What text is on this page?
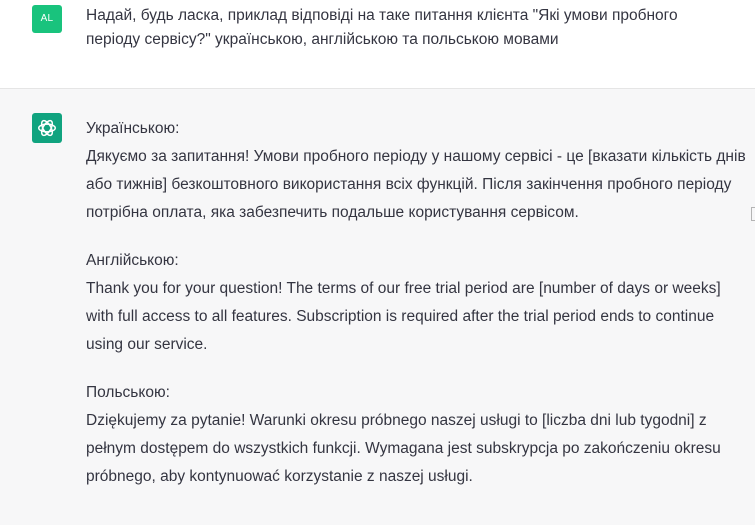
AL	Надай, будь ласка, приклад відповіді на таке питання клієнта "Які умови пробного періоду сервісу?" українською, англійською та польською мовами

Українською:

Дякуємо за запитання! Умови пробного періоду у нашому сервісі - це [вказати кількість днів або тижнів] безкоштовного використання всіх функцій. Після закінчення пробного періоду потрібна оплата, яка забезпечить подальше користування сервісом.

Англійською:

Thank you for your question! The terms of our free trial period are [number of days or weeks] with full access to all features. Subscription is required after the trial period ends to continue using our service.

Польською:

Dziękujemy za pytanie! Warunki okresu próbnego naszej usługi to [liczba dni lub tygodni] z pełnym dostępem do wszystkich funkcji. Wymagana jest subskrypcja po zakończeniu okresu próbnego, aby kontynuować korzystanie z naszej usługi.
